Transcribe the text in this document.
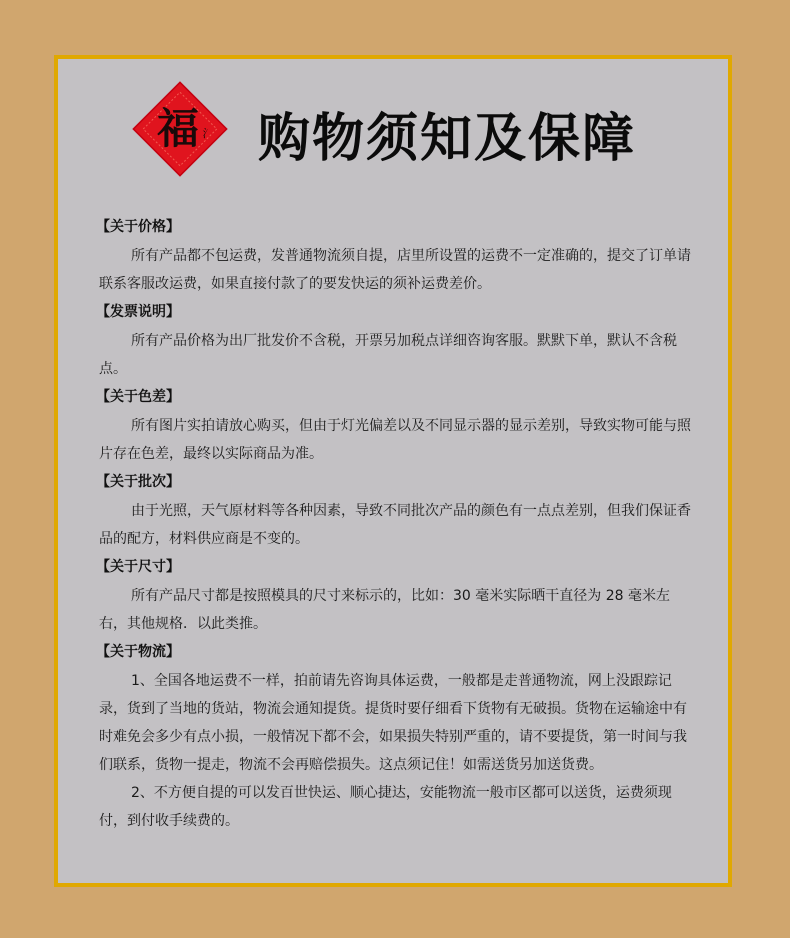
福 氵 购物须知及保障
【关于价格】
所有产品都不包运费，发普通物流须自提，店里所设置的运费不一定准确的，提交了订单请联系客服改运费，如果直接付款了的要发快运的须补运费差价。
【发票说明】
所有产品价格为出厂批发价不含税，开票另加税点详细咨询客服。默默下单，默认不含税点。
【关于色差】
所有图片实拍请放心购买，但由于灯光偏差以及不同显示器的显示差别，导致实物可能与照片存在色差，最终以实际商品为准。
【关于批次】
由于光照，天气原材料等各种因素，导致不同批次产品的颜色有一点点差别，但我们保证香品的配方，材料供应商是不变的。
【关于尺寸】
所有产品尺寸都是按照模具的尺寸来标示的，比如：30 毫米实际晒干直径为 28 毫米左右，其他规格．以此类推。
【关于物流】
1、全国各地运费不一样，拍前请先咨询具体运费，一般都是走普通物流，网上没跟踪记录，货到了当地的货站，物流会通知提货。提货时要仔细看下货物有无破损。货物在运输途中有时难免会多少有点小损，一般情况下都不会，如果损失特别严重的，请不要提货，第一时间与我们联系，货物一提走，物流不会再赔偿损失。这点须记住！如需送货另加送货费。
2、不方便自提的可以发百世快运、顺心捷达，安能物流一般市区都可以送货，运费须现付，到付收手续费的。
